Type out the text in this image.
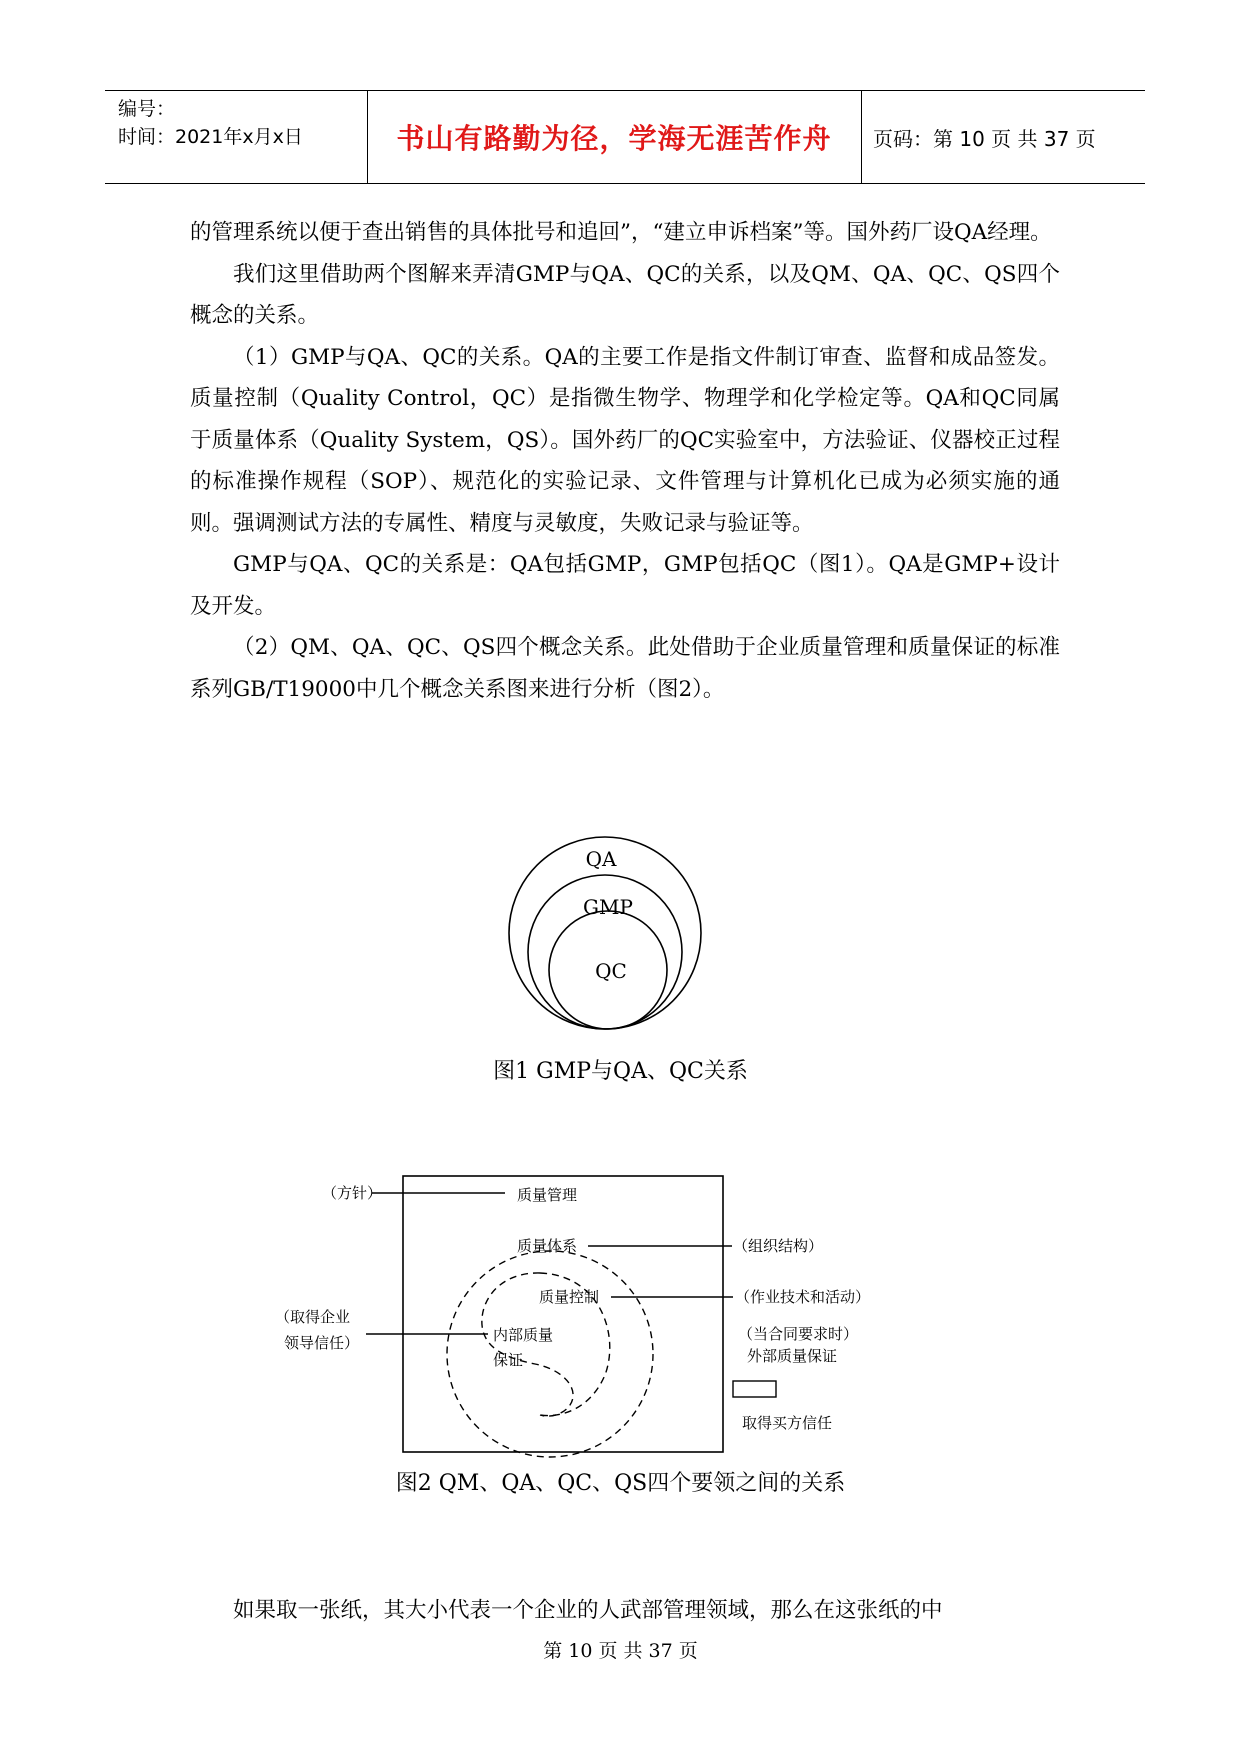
编号：
时间：2021年x月x日	书山有路勤为径，学海无涯苦作舟	页码：第 10 页 共 37 页

的管理系统以便于查出销售的具体批号和追回”，“建立申诉档案”等。国外药厂设QA经理。

我们这里借助两个图解来弄清GMP与QA、QC的关系，以及QM、QA、QC、QS四个概念的关系。

（1）GMP与QA、QC的关系。QA的主要工作是指文件制订审查、监督和成品签发。质量控制（Quality Control，QC）是指微生物学、物理学和化学检定等。QA和QC同属于质量体系（Quality System，QS）。国外药厂的QC实验室中，方法验证、仪器校正过程的标准操作规程（SOP）、规范化的实验记录、文件管理与计算机化已成为必须实施的通则。强调测试方法的专属性、精度与灵敏度，失败记录与验证等。

GMP与QA、QC的关系是：QA包括GMP，GMP包括QC（图1）。QA是GMP+设计及开发。

（2）QM、QA、QC、QS四个概念关系。此处借助于企业质量管理和质量保证的标准系列GB/T19000中几个概念关系图来进行分析（图2）。

QA
GMP
QC
图1 GMP与QA、QC关系
（方针）	质量管理
质量体系	（组织结构）
质量控制	（作业技术和活动）
（取得企业
领导信任）	内部质量
保证
（当合同要求时）
外部质量保证
取得买方信任
图2 QM、QA、QC、QS四个要领之间的关系

如果取一张纸，其大小代表一个企业的人武部管理领域，那么在这张纸的中

第 10 页 共 37 页
